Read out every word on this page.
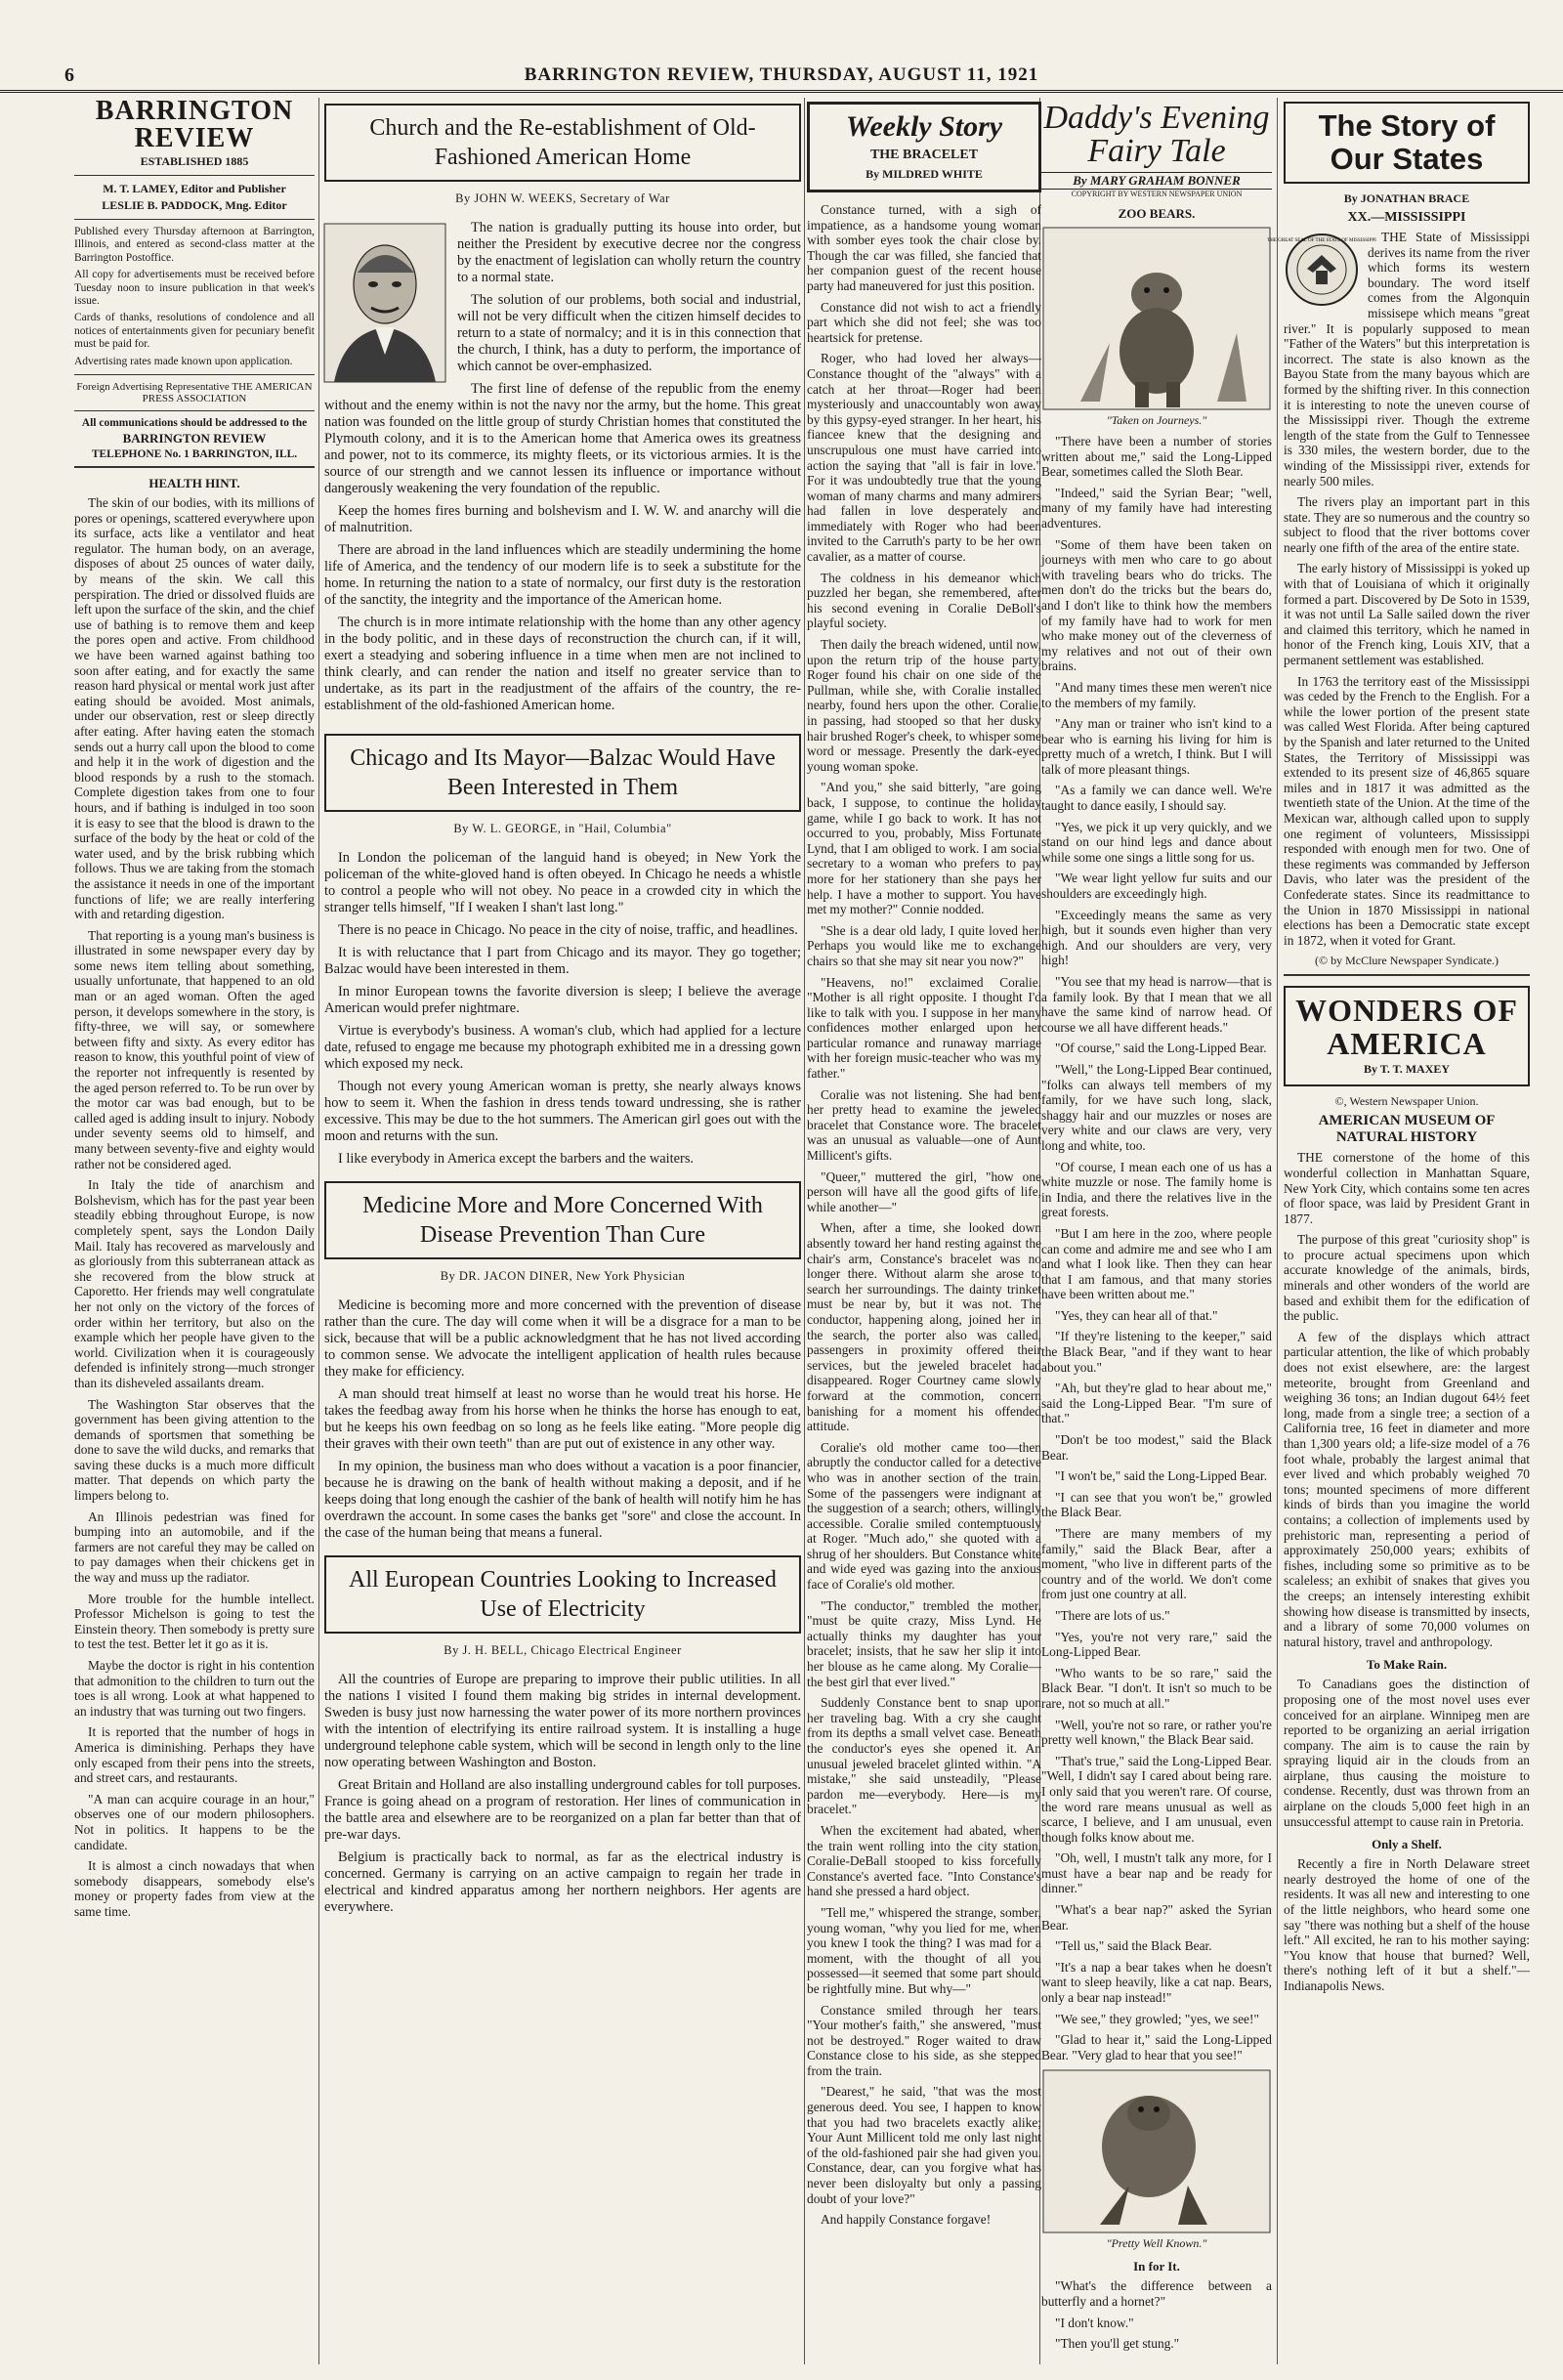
6	BARRINGTON REVIEW, THURSDAY, AUGUST 11, 1921
BARRINGTON REVIEW
ESTABLISHED 1885
M. T. LAMEY, Editor and Publisher
LESLIE B. PADDOCK, Mng. Editor

Published every Thursday afternoon at Barrington, Illinois, and entered as second-class matter at the Barrington Postoffice.

All copy for advertisements must be received before Tuesday noon to insure publication in that week's issue.

Cards of thanks, resolutions of condolence and all notices of entertainments given for pecuniary benefit must be paid for.

Advertising rates made known upon application.

Foreign Advertising Representative THE AMERICAN PRESS ASSOCIATION
All communications should be addressed to the
BARRINGTON REVIEW
TELEPHONE No. 1 BARRINGTON, ILL.
HEALTH HINT.

The skin of our bodies, with its millions of pores or openings, scattered everywhere upon its surface, acts like a ventilator and heat regulator. The human body, on an average, disposes of about 25 ounces of water daily, by means of the skin. We call this perspiration. The dried or dissolved fluids are left upon the surface of the skin, and the chief use of bathing is to remove them and keep the pores open and active. From childhood we have been warned against bathing too soon after eating, and for exactly the same reason hard physical or mental work just after eating should be avoided. Most animals, under our observation, rest or sleep directly after eating. After having eaten the stomach sends out a hurry call upon the blood to come and help it in the work of digestion and the blood responds by a rush to the stomach. Complete digestion takes from one to four hours, and if bathing is indulged in too soon it is easy to see that the blood is drawn to the surface of the body by the heat or cold of the water used, and by the brisk rubbing which follows. Thus we are taking from the stomach the assistance it needs in one of the important functions of life; we are really interfering with and retarding digestion.

That reporting is a young man's business is illustrated in some newspaper every day by some news item telling about something, usually unfortunate, that happened to an old man or an aged woman. Often the aged person, it develops somewhere in the story, is fifty-three, we will say, or somewhere between fifty and sixty. As every editor has reason to know, this youthful point of view of the reporter not infrequently is resented by the aged person referred to. To be run over by the motor car was bad enough, but to be called aged is adding insult to injury. Nobody under seventy seems old to himself, and many between seventy-five and eighty would rather not be considered aged.

In Italy the tide of anarchism and Bolshevism, which has for the past year been steadily ebbing throughout Europe, is now completely spent, says the London Daily Mail. Italy has recovered as marvelously and as gloriously from this subterranean attack as she recovered from the blow struck at Caporetto. Her friends may well congratulate her not only on the victory of the forces of order within her territory, but also on the example which her people have given to the world. Civilization when it is courageously defended is infinitely strong—much stronger than its disheveled assailants dream.

The Washington Star observes that the government has been giving attention to the demands of sportsmen that something be done to save the wild ducks, and remarks that saving these ducks is a much more difficult matter. That depends on which party the limpers belong to.

An Illinois pedestrian was fined for bumping into an automobile, and if the farmers are not careful they may be called on to pay damages when their chickens get in the way and muss up the radiator.

More trouble for the humble intellect. Professor Michelson is going to test the Einstein theory. Then somebody is pretty sure to test the test. Better let it go as it is.

Maybe the doctor is right in his contention that admonition to the children to turn out the toes is all wrong. Look at what happened to an industry that was turning out two fingers.

It is reported that the number of hogs in America is diminishing. Perhaps they have only escaped from their pens into the streets, and street cars, and restaurants.

"A man can acquire courage in an hour," observes one of our modern philosophers. Not in politics. It happens to be the candidate.

It is almost a cinch nowadays that when somebody disappears, somebody else's money or property fades from view at the same time.

Church and the Re-establishment of Old-Fashioned American Home
By JOHN W. WEEKS, Secretary of War

The nation is gradually putting its house into order, but neither the President by executive decree nor the congress by the enactment of legislation can wholly return the country to a normal state.

The solution of our problems, both social and industrial, will not be very difficult when the citizen himself decides to return to a state of normalcy; and it is in this connection that the church, I think, has a duty to perform, the importance of which cannot be over-emphasized.

The first line of defense of the republic from the enemy without and the enemy within is not the navy nor the army, but the home. This great nation was founded on the little group of sturdy Christian homes that constituted the Plymouth colony, and it is to the American home that America owes its greatness and power, not to its commerce, its mighty fleets, or its victorious armies. It is the source of our strength and we cannot lessen its influence or importance without dangerously weakening the very foundation of the republic.

Keep the homes fires burning and bolshevism and I. W. W. and anarchy will die of malnutrition.

There are abroad in the land influences which are steadily undermining the home life of America, and the tendency of our modern life is to seek a substitute for the home. In returning the nation to a state of normalcy, our first duty is the restoration of the sanctity, the integrity and the importance of the American home.

The church is in more intimate relationship with the home than any other agency in the body politic, and in these days of reconstruction the church can, if it will, exert a steadying and sobering influence in a time when men are not inclined to think clearly, and can render the nation and itself no greater service than to undertake, as its part in the readjustment of the affairs of the country, the re-establishment of the old-fashioned American home.

Chicago and Its Mayor—Balzac Would Have Been Interested in Them
By W. L. GEORGE, in "Hail, Columbia"

In London the policeman of the languid hand is obeyed; in New York the policeman of the white-gloved hand is often obeyed. In Chicago he needs a whistle to control a people who will not obey. No peace in a crowded city in which the stranger tells himself, "If I weaken I shan't last long."

There is no peace in Chicago. No peace in the city of noise, traffic, and headlines.

It is with reluctance that I part from Chicago and its mayor. They go together; Balzac would have been interested in them.

In minor European towns the favorite diversion is sleep; I believe the average American would prefer nightmare.

Virtue is everybody's business. A woman's club, which had applied for a lecture date, refused to engage me because my photograph exhibited me in a dressing gown which exposed my neck.

Though not every young American woman is pretty, she nearly always knows how to seem it. When the fashion in dress tends toward undressing, she is rather excessive. This may be due to the hot summers. The American girl goes out with the moon and returns with the sun.

I like everybody in America except the barbers and the waiters.

Medicine More and More Concerned With Disease Prevention Than Cure
By DR. JACON DINER, New York Physician

Medicine is becoming more and more concerned with the prevention of disease rather than the cure. The day will come when it will be a disgrace for a man to be sick, because that will be a public acknowledgment that he has not lived according to common sense. We advocate the intelligent application of health rules because they make for efficiency.

A man should treat himself at least no worse than he would treat his horse. He takes the feedbag away from his horse when he thinks the horse has enough to eat, but he keeps his own feedbag on so long as he feels like eating. "More people dig their graves with their own teeth" than are put out of existence in any other way.

In my opinion, the business man who does without a vacation is a poor financier, because he is drawing on the bank of health without making a deposit, and if he keeps doing that long enough the cashier of the bank of health will notify him he has overdrawn the account. In some cases the banks get "sore" and close the account. In the case of the human being that means a funeral.

All European Countries Looking to Increased Use of Electricity
By J. H. BELL, Chicago Electrical Engineer

All the countries of Europe are preparing to improve their public utilities. In all the nations I visited I found them making big strides in internal development. Sweden is busy just now harnessing the water power of its more northern provinces with the intention of electrifying its entire railroad system. It is installing a huge underground telephone cable system, which will be second in length only to the line now operating between Washington and Boston.

Great Britain and Holland are also installing underground cables for toll purposes. France is going ahead on a program of restoration. Her lines of communication in the battle area and elsewhere are to be reorganized on a plan far better than that of pre-war days.

Belgium is practically back to normal, as far as the electrical industry is concerned. Germany is carrying on an active campaign to regain her trade in electrical and kindred apparatus among her northern neighbors. Her agents are everywhere.

Weekly Story
THE BRACELET
By MILDRED WHITE

Constance turned, with a sigh of impatience, as a handsome young woman with somber eyes took the chair close by. Though the car was filled, she fancied that her companion guest of the recent house party had maneuvered for just this position.

Constance did not wish to act a friendly part which she did not feel; she was too heartsick for pretense.

Roger, who had loved her always—Constance thought of the "always" with a catch at her throat—Roger had been mysteriously and unaccountably won away by this gypsy-eyed stranger. In her heart, his fiancee knew that the designing and unscrupulous one must have carried into action the saying that "all is fair in love." For it was undoubtedly true that the young woman of many charms and many admirers had fallen in love desperately and immediately with Roger who had been invited to the Carruth's party to be her own cavalier, as a matter of course.

The coldness in his demeanor which puzzled her began, she remembered, after his second evening in Coralie DeBoll's playful society.

Then daily the breach widened, until now, upon the return trip of the house party, Roger found his chair on one side of the Pullman, while she, with Coralie installed nearby, found hers upon the other. Coralie, in passing, had stooped so that her dusky hair brushed Roger's cheek, to whisper some word or message. Presently the dark-eyed young woman spoke.

"And you," she said bitterly, "are going back, I suppose, to continue the holiday game, while I go back to work. It has not occurred to you, probably, Miss Fortunate Lynd, that I am obliged to work. I am social secretary to a woman who prefers to pay more for her stationery than she pays her help. I have a mother to support. You have met my mother?" Connie nodded.

"She is a dear old lady, I quite loved her. Perhaps you would like me to exchange chairs so that she may sit near you now?"

"Heavens, no!" exclaimed Coralie. "Mother is all right opposite. I thought I'd like to talk with you. I suppose in her many confidences mother enlarged upon her particular romance and runaway marriage with her foreign music-teacher who was my father."

Coralie was not listening. She had bent her pretty head to examine the jeweled bracelet that Constance wore. The bracelet was an unusual as valuable—one of Aunt Millicent's gifts.

"Queer," muttered the girl, "how one person will have all the good gifts of life, while another—"

When, after a time, she looked down absently toward her hand resting against the chair's arm, Constance's bracelet was no longer there. Without alarm she arose to search her surroundings. The dainty trinket must be near by, but it was not. The conductor, happening along, joined her in the search, the porter also was called, passengers in proximity offered their services, but the jeweled bracelet had disappeared. Roger Courtney came slowly forward at the commotion, concern banishing for a moment his offended attitude.

Coralie's old mother came too—then abruptly the conductor called for a detective who was in another section of the train. Some of the passengers were indignant at the suggestion of a search; others, willingly accessible. Coralie smiled contemptuously at Roger. "Much ado," she quoted with a shrug of her shoulders. But Constance white and wide eyed was gazing into the anxious face of Coralie's old mother.

"The conductor," trembled the mother, "must be quite crazy, Miss Lynd. He actually thinks my daughter has your bracelet; insists, that he saw her slip it into her blouse as he came along. My Coralie—the best girl that ever lived."

Suddenly Constance bent to snap upon her traveling bag. With a cry she caught from its depths a small velvet case. Beneath the conductor's eyes she opened it. An unusual jeweled bracelet glinted within. "A mistake," she said unsteadily, "Please pardon me—everybody. Here—is my bracelet."

When the excitement had abated, when the train went rolling into the city station, Coralie-DeBall stooped to kiss forcefully Constance's averted face. "Into Constance's hand she pressed a hard object.

"Tell me," whispered the strange, somber, young woman, "why you lied for me, when you knew I took the thing? I was mad for a moment, with the thought of all you possessed—it seemed that some part should be rightfully mine. But why—"

Constance smiled through her tears. "Your mother's faith," she answered, "must not be destroyed." Roger waited to draw Constance close to his side, as she stepped from the train.

"Dearest," he said, "that was the most generous deed. You see, I happen to know that you had two bracelets exactly alike; Your Aunt Millicent told me only last night of the old-fashioned pair she had given you. Constance, dear, can you forgive what has never been disloyalty but only a passing doubt of your love?"

And happily Constance forgave!

Daddy's Evening Fairy Tale
By MARY GRAHAM BONNER
COPYRIGHT BY WESTERN NEWSPAPER UNION
ZOO BEARS.
"Taken on Journeys."

"There have been a number of stories written about me," said the Long-Lipped Bear, sometimes called the Sloth Bear.

"Indeed," said the Syrian Bear; "well, many of my family have had interesting adventures.

"Some of them have been taken on journeys with men who care to go about with traveling bears who do tricks. The men don't do the tricks but the bears do, and I don't like to think how the members of my family have had to work for men who make money out of the cleverness of my relatives and not out of their own brains.

"And many times these men weren't nice to the members of my family.

"Any man or trainer who isn't kind to a bear who is earning his living for him is pretty much of a wretch, I think. But I will talk of more pleasant things.

"As a family we can dance well. We're taught to dance easily, I should say.

"Yes, we pick it up very quickly, and we stand on our hind legs and dance about while some one sings a little song for us.

"We wear light yellow fur suits and our shoulders are exceedingly high.

"Exceedingly means the same as very high, but it sounds even higher than very high. And our shoulders are very, very high!

"You see that my head is narrow—that is a family look. By that I mean that we all have the same kind of narrow head. Of course we all have different heads."

"Of course," said the Long-Lipped Bear.

"Well," the Long-Lipped Bear continued, "folks can always tell members of my family, for we have such long, slack, shaggy hair and our muzzles or noses are very white and our claws are very, very long and white, too.

"Of course, I mean each one of us has a white muzzle or nose. The family home is in India, and there the relatives live in the great forests.

"But I am here in the zoo, where people can come and admire me and see who I am and what I look like. Then they can hear that I am famous, and that many stories have been written about me."

"Yes, they can hear all of that."

"If they're listening to the keeper," said the Black Bear, "and if they want to hear about you."

"Ah, but they're glad to hear about me," said the Long-Lipped Bear. "I'm sure of that."

"Don't be too modest," said the Black Bear.

"I won't be," said the Long-Lipped Bear.

"I can see that you won't be," growled the Black Bear.

"There are many members of my family," said the Black Bear, after a moment, "who live in different parts of the country and of the world. We don't come from just one country at all.

"There are lots of us."

"Yes, you're not very rare," said the Long-Lipped Bear.

"Who wants to be so rare," said the Black Bear. "I don't. It isn't so much to be rare, not so much at all."

"Well, you're not so rare, or rather you're pretty well known," the Black Bear said.

"That's true," said the Long-Lipped Bear. "Well, I didn't say I cared about being rare. I only said that you weren't rare. Of course, the word rare means unusual as well as scarce, I believe, and I am unusual, even though folks know about me.

"Oh, well, I mustn't talk any more, for I must have a bear nap and be ready for dinner."

"What's a bear nap?" asked the Syrian Bear.

"Tell us," said the Black Bear.

"It's a nap a bear takes when he doesn't want to sleep heavily, like a cat nap. Bears, only a bear nap instead!"

"We see," they growled; "yes, we see!"

"Glad to hear it," said the Long-Lipped Bear. "Very glad to hear that you see!"

"Pretty Well Known."
In for It.

"What's the difference between a butterfly and a hornet?"

"I don't know."

"Then you'll get stung."

The Story of Our States
By JONATHAN BRACE
XX.—MISSISSIPPI
THE GREAT SEAL OF THE STATE OF MISSISSIPPI THE State of Mississippi derives its name from the river which forms its western boundary. The word itself comes from the Algonquin missisepe which means "great river." It is popularly supposed to mean "Father of the Waters" but this interpretation is incorrect. The state is also known as the Bayou State from the many bayous which are formed by the shifting river. In this connection it is interesting to note the uneven course of the Mississippi river. Though the extreme length of the state from the Gulf to Tennessee is 330 miles, the western border, due to the winding of the Mississippi river, extends for nearly 500 miles.

The rivers play an important part in this state. They are so numerous and the country so subject to flood that the river bottoms cover nearly one fifth of the area of the entire state.

The early history of Mississippi is yoked up with that of Louisiana of which it originally formed a part. Discovered by De Soto in 1539, it was not until La Salle sailed down the river and claimed this territory, which he named in honor of the French king, Louis XIV, that a permanent settlement was established.

In 1763 the territory east of the Mississippi was ceded by the French to the English. For a while the lower portion of the present state was called West Florida. After being captured by the Spanish and later returned to the United States, the Territory of Mississippi was extended to its present size of 46,865 square miles and in 1817 it was admitted as the twentieth state of the Union. At the time of the Mexican war, although called upon to supply one regiment of volunteers, Mississippi responded with enough men for two. One of these regiments was commanded by Jefferson Davis, who later was the president of the Confederate states. Since its readmittance to the Union in 1870 Mississippi in national elections has been a Democratic state except in 1872, when it voted for Grant.

(© by McClure Newspaper Syndicate.)
WONDERS OF AMERICA
By T. T. MAXEY
©, Western Newspaper Union.
AMERICAN MUSEUM OF NATURAL HISTORY

THE cornerstone of the home of this wonderful collection in Manhattan Square, New York City, which contains some ten acres of floor space, was laid by President Grant in 1877.

The purpose of this great "curiosity shop" is to procure actual specimens upon which accurate knowledge of the animals, birds, minerals and other wonders of the world are based and exhibit them for the edification of the public.

A few of the displays which attract particular attention, the like of which probably does not exist elsewhere, are: the largest meteorite, brought from Greenland and weighing 36 tons; an Indian dugout 64½ feet long, made from a single tree; a section of a California tree, 16 feet in diameter and more than 1,300 years old; a life-size model of a 76 foot whale, probably the largest animal that ever lived and which probably weighed 70 tons; mounted specimens of more different kinds of birds than you imagine the world contains; a collection of implements used by prehistoric man, representing a period of approximately 250,000 years; exhibits of fishes, including some so primitive as to be scaleless; an exhibit of snakes that gives you the creeps; an intensely interesting exhibit showing how disease is transmitted by insects, and a library of some 70,000 volumes on natural history, travel and anthropology.

To Make Rain.

To Canadians goes the distinction of proposing one of the most novel uses ever conceived for an airplane. Winnipeg men are reported to be organizing an aerial irrigation company. The aim is to cause the rain by spraying liquid air in the clouds from an airplane, thus causing the moisture to condense. Recently, dust was thrown from an airplane on the clouds 5,000 feet high in an unsuccessful attempt to cause rain in Pretoria.

Only a Shelf.

Recently a fire in North Delaware street nearly destroyed the home of one of the residents. It was all new and interesting to one of the little neighbors, who heard some one say "there was nothing but a shelf of the house left." All excited, he ran to his mother saying: "You know that house that burned? Well, there's nothing left of it but a shelf."—Indianapolis News.
